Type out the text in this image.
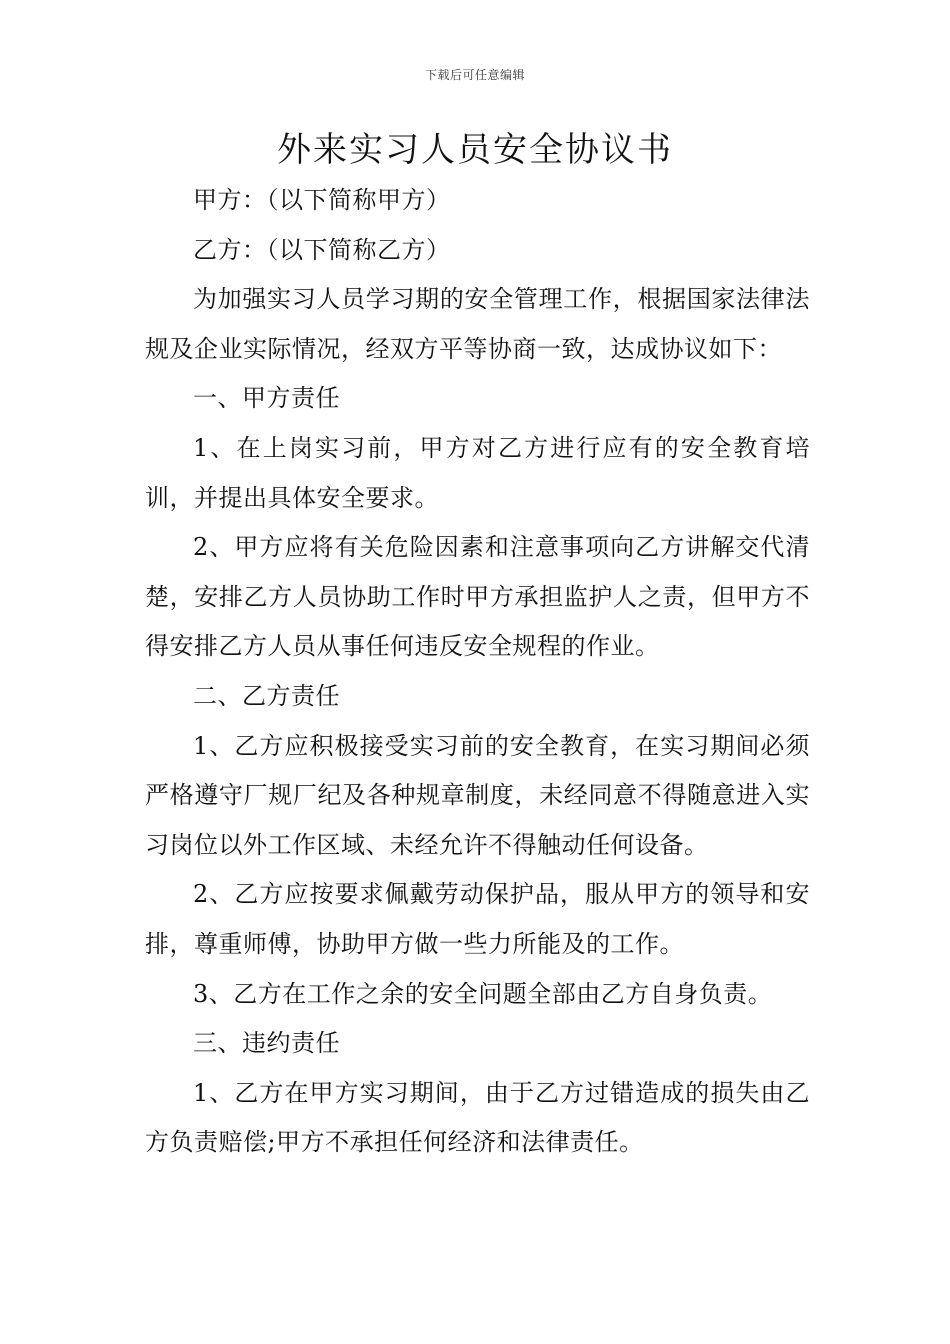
下载后可任意编辑
外来实习人员安全协议书

甲方：（以下简称甲方）

乙方：（以下简称乙方）

为加强实习人员学习期的安全管理工作，根据国家法律法规及企业实际情况，经双方平等协商一致，达成协议如下：

一、甲方责任

1、在上岗实习前，甲方对乙方进行应有的安全教育培训，并提出具体安全要求。

2、甲方应将有关危险因素和注意事项向乙方讲解交代清楚，安排乙方人员协助工作时甲方承担监护人之责，但甲方不得安排乙方人员从事任何违反安全规程的作业。

二、乙方责任

1、乙方应积极接受实习前的安全教育，在实习期间必须严格遵守厂规厂纪及各种规章制度，未经同意不得随意进入实习岗位以外工作区域、未经允许不得触动任何设备。

2、乙方应按要求佩戴劳动保护品，服从甲方的领导和安排，尊重师傅，协助甲方做一些力所能及的工作。

3、乙方在工作之余的安全问题全部由乙方自身负责。

三、违约责任

1、乙方在甲方实习期间，由于乙方过错造成的损失由乙方负责赔偿;甲方不承担任何经济和法律责任。
